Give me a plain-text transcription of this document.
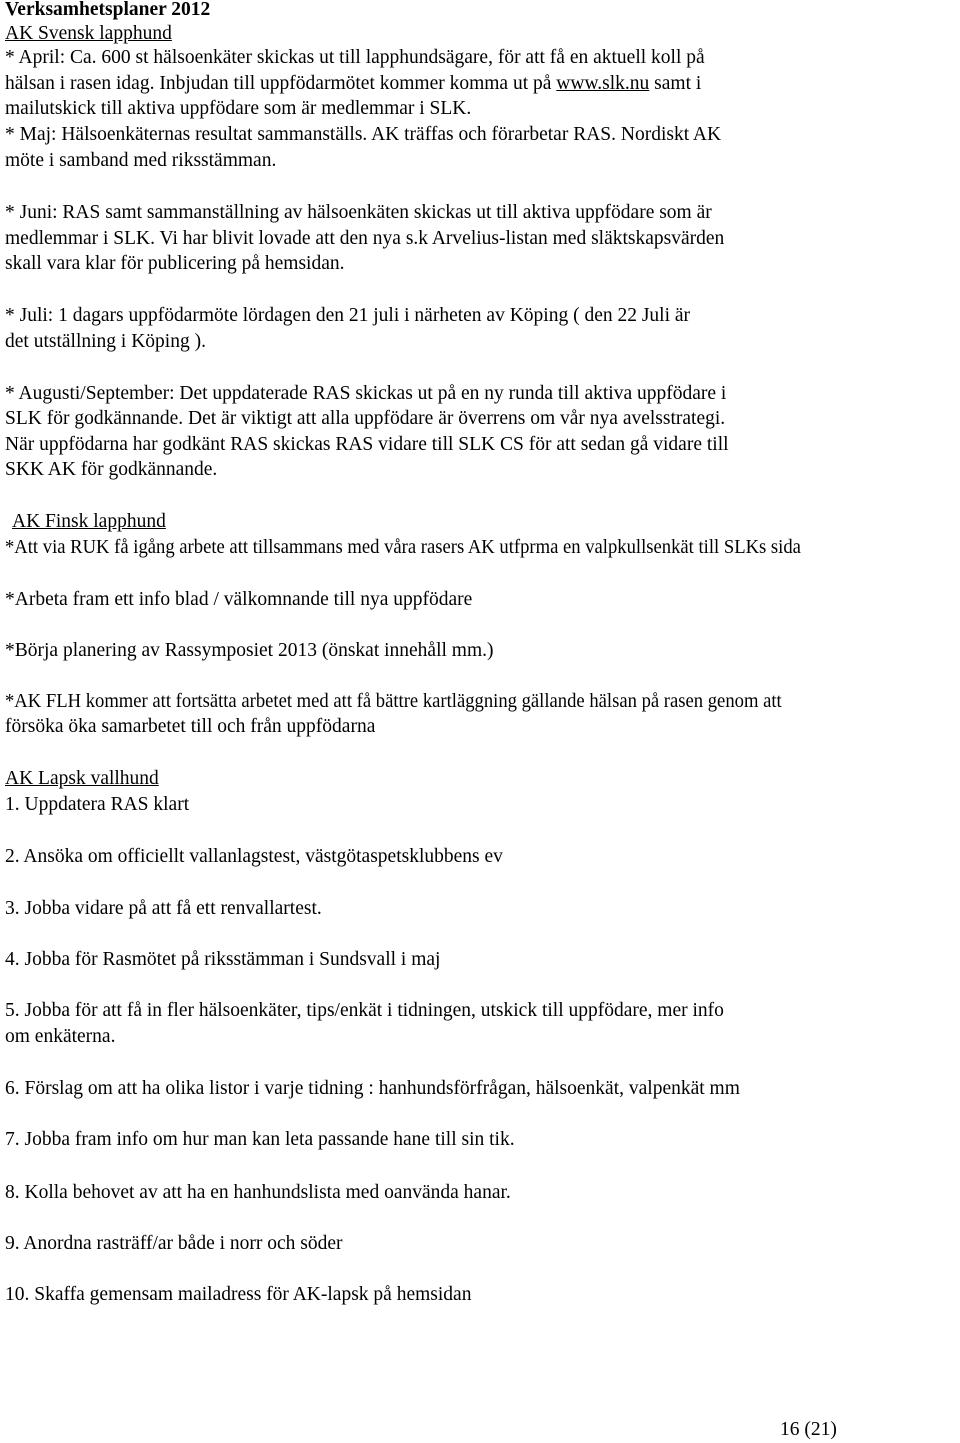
Verksamhetsplaner 2012
AK Svensk lapphund
* April: Ca. 600 st hälsoenkäter skickas ut till lapphundsägare, för att få en aktuell koll på
hälsan i rasen idag. Inbjudan till uppfödarmötet kommer komma ut på www.slk.nu samt i
mailutskick till aktiva uppfödare som är medlemmar i SLK.
* Maj: Hälsoenkäternas resultat sammanställs. AK träffas och förarbetar RAS. Nordiskt AK
möte i samband med riksstämman.
* Juni: RAS samt sammanställning av hälsoenkäten skickas ut till aktiva uppfödare som är
medlemmar i SLK. Vi har blivit lovade att den nya s.k Arvelius-listan med släktskapsvärden
skall vara klar för publicering på hemsidan.
* Juli: 1 dagars uppfödarmöte lördagen den 21 juli i närheten av Köping ( den 22 Juli är
det utställning i Köping ).
* Augusti/September: Det uppdaterade RAS skickas ut på en ny runda till aktiva uppfödare i
SLK för godkännande. Det är viktigt att alla uppfödare är överrens om vår nya avelsstrategi.
När uppfödarna har godkänt RAS skickas RAS vidare till SLK CS för att sedan gå vidare till
SKK AK för godkännande.
AK Finsk lapphund
*Att via RUK få igång arbete att tillsammans med våra rasers AK utfprma en valpkullsenkät till SLKs sida
*Arbeta fram ett info blad / välkomnande till nya uppfödare
*Börja planering av Rassymposiet 2013 (önskat innehåll mm.)
*AK FLH kommer att fortsätta arbetet med att få bättre kartläggning gällande hälsan på rasen genom att
försöka öka samarbetet till och från uppfödarna
AK Lapsk vallhund
1. Uppdatera RAS klart
2. Ansöka om officiellt vallanlagstest, västgötaspetsklubbens ev
3. Jobba vidare på att få ett renvallartest.
4. Jobba för Rasmötet på riksstämman i Sundsvall i maj
5. Jobba för att få in fler hälsoenkäter, tips/enkät i tidningen, utskick till uppfödare, mer info
om enkäterna.
6. Förslag om att ha olika listor i varje tidning : hanhundsförfrågan, hälsoenkät, valpenkät mm
7. Jobba fram info om hur man kan leta passande hane till sin tik.
8. Kolla behovet av att ha en hanhundslista med oanvända hanar.
9. Anordna rasträff/ar både i norr och söder
10. Skaffa gemensam mailadress för AK-lapsk på hemsidan
16 (21)
